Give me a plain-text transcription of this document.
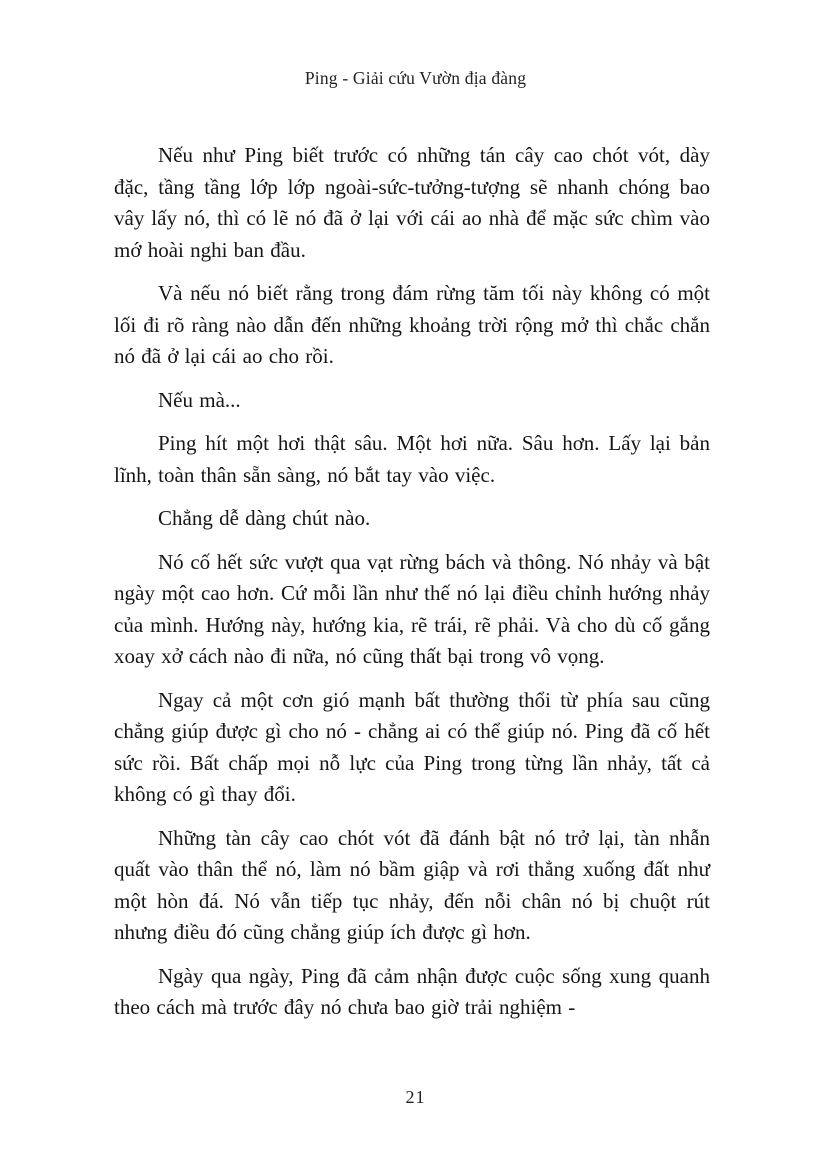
Ping - Giải cứu Vườn địa đàng

Nếu như Ping biết trước có những tán cây cao chót vót, dày đặc, tầng tầng lớp lớp ngoài-sức-tưởng-tượng sẽ nhanh chóng bao vây lấy nó, thì có lẽ nó đã ở lại với cái ao nhà để mặc sức chìm vào mớ hoài nghi ban đầu.

Và nếu nó biết rằng trong đám rừng tăm tối này không có một lối đi rõ ràng nào dẫn đến những khoảng trời rộng mở thì chắc chắn nó đã ở lại cái ao cho rồi.

Nếu mà...

Ping hít một hơi thật sâu. Một hơi nữa. Sâu hơn. Lấy lại bản lĩnh, toàn thân sẵn sàng, nó bắt tay vào việc.

Chẳng dễ dàng chút nào.

Nó cố hết sức vượt qua vạt rừng bách và thông. Nó nhảy và bật ngày một cao hơn. Cứ mỗi lần như thế nó lại điều chỉnh hướng nhảy của mình. Hướng này, hướng kia, rẽ trái, rẽ phải. Và cho dù cố gắng xoay xở cách nào đi nữa, nó cũng thất bại trong vô vọng.

Ngay cả một cơn gió mạnh bất thường thổi từ phía sau cũng chẳng giúp được gì cho nó - chẳng ai có thể giúp nó. Ping đã cố hết sức rồi. Bất chấp mọi nỗ lực của Ping trong từng lần nhảy, tất cả không có gì thay đổi.

Những tàn cây cao chót vót đã đánh bật nó trở lại, tàn nhẫn quất vào thân thể nó, làm nó bầm giập và rơi thẳng xuống đất như một hòn đá. Nó vẫn tiếp tục nhảy, đến nỗi chân nó bị chuột rút nhưng điều đó cũng chẳng giúp ích được gì hơn.

Ngày qua ngày, Ping đã cảm nhận được cuộc sống xung quanh theo cách mà trước đây nó chưa bao giờ trải nghiệm -

21
